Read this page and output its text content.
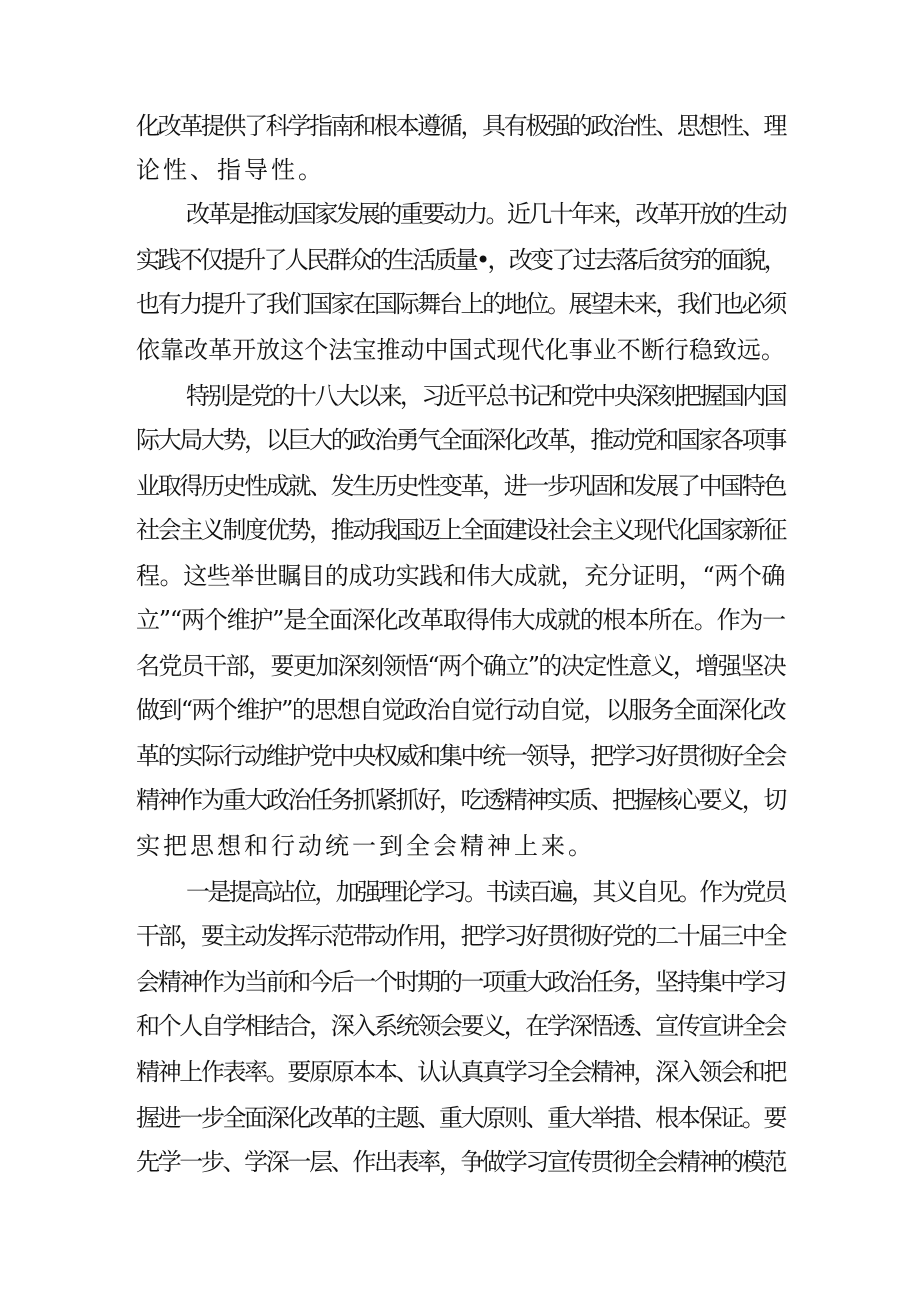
化改革提供了科学指南和根本遵循，具有极强的政治性、思想性、理
论性、指导性。
改革是推动国家发展的重要动力。近几十年来，改革开放的生动
实践不仅提升了人民群众的生活质量•，改变了过去落后贫穷的面貌，
也有力提升了我们国家在国际舞台上的地位。展望未来，我们也必须
依靠改革开放这个法宝推动中国式现代化事业不断行稳致远。
特别是党的十八大以来，习近平总书记和党中央深刻把握国内国
际大局大势，以巨大的政治勇气全面深化改革，推动党和国家各项事
业取得历史性成就、发生历史性变革，进一步巩固和发展了中国特色
社会主义制度优势，推动我国迈上全面建设社会主义现代化国家新征
程。这些举世瞩目的成功实践和伟大成就，充分证明，“两个确
立”“两个维护”是全面深化改革取得伟大成就的根本所在。作为一
名党员干部，要更加深刻领悟“两个确立”的决定性意义，增强坚决
做到“两个维护”的思想自觉政治自觉行动自觉，以服务全面深化改
革的实际行动维护党中央权威和集中统一领导，把学习好贯彻好全会
精神作为重大政治任务抓紧抓好，吃透精神实质、把握核心要义，切
实把思想和行动统一到全会精神上来。
一是提高站位，加强理论学习。书读百遍，其义自见。作为党员
干部，要主动发挥示范带动作用，把学习好贯彻好党的二十届三中全
会精神作为当前和今后一个时期的一项重大政治任务，坚持集中学习
和个人自学相结合，深入系统领会要义，在学深悟透、宣传宣讲全会
精神上作表率。要原原本本、认认真真学习全会精神，深入领会和把
握进一步全面深化改革的主题、重大原则、重大举措、根本保证。要
先学一步、学深一层、作出表率，争做学习宣传贯彻全会精神的模范
